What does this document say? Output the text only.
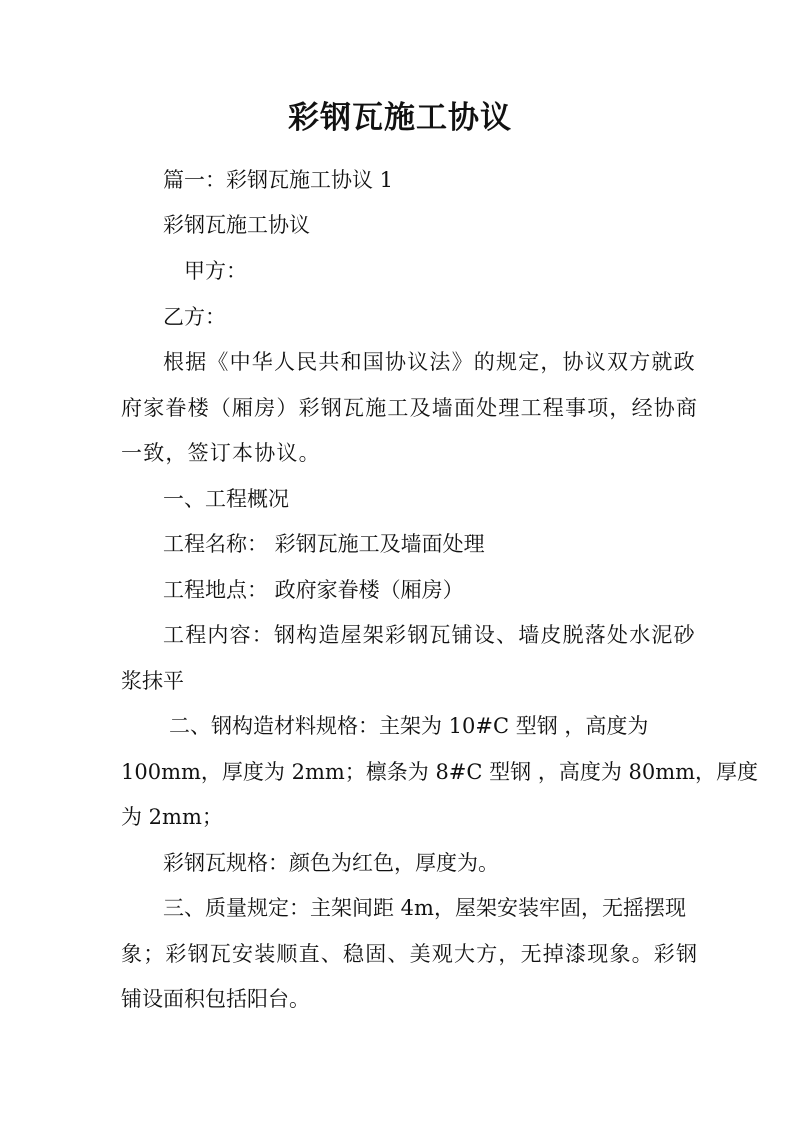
彩钢瓦施工协议

篇一：彩钢瓦施工协议 1

彩钢瓦施工协议

甲方：

乙方：

根据《中华人民共和国协议法》的规定，协议双方就政

府家眷楼（厢房）彩钢瓦施工及墙面处理工程事项，经协商

一致，签订本协议。

一、工程概况

工程名称： 彩钢瓦施工及墙面处理

工程地点： 政府家眷楼（厢房）

工程内容：钢构造屋架彩钢瓦铺设、墙皮脱落处水泥砂

浆抹平

二、钢构造材料规格：主架为 10#C 型钢 ，高度为

100mm，厚度为 2mm；檩条为 8#C 型钢 ，高度为 80mm，厚度

为 2mm；

彩钢瓦规格：颜色为红色，厚度为。

三、质量规定：主架间距 4m，屋架安装牢固，无摇摆现

象；彩钢瓦安装顺直、稳固、美观大方，无掉漆现象。彩钢

铺设面积包括阳台。
